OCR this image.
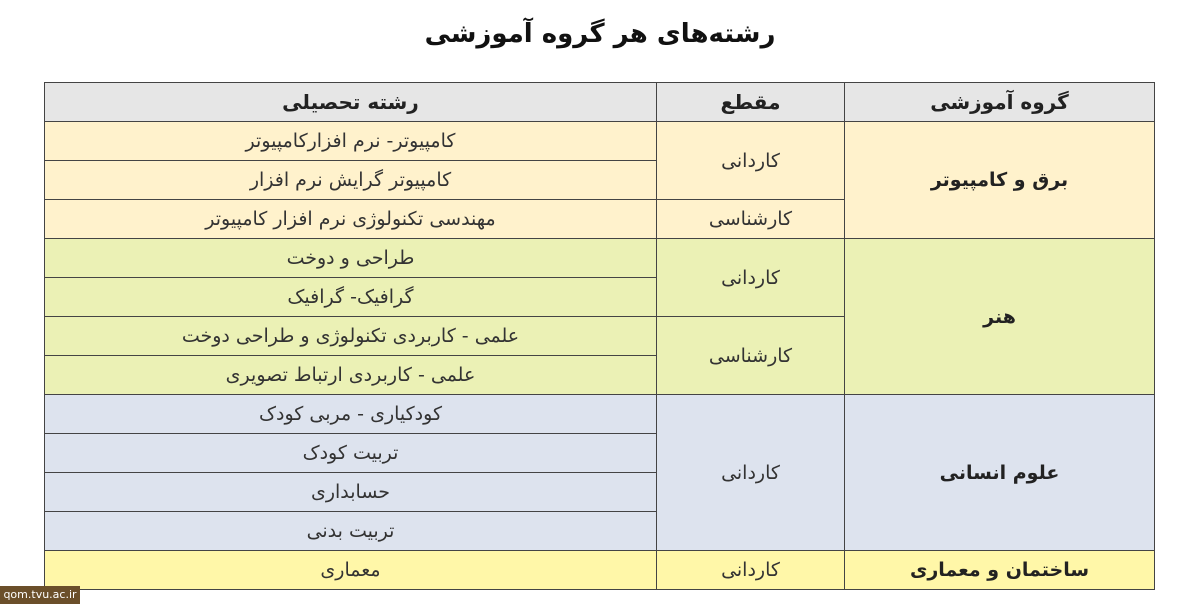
رشته‌های هر گروه آموزشی
گروه آموزشی	مقطع	رشته تحصیلی
برق و کامپیوتر	کاردانی	کامپیوتر- نرم افزارکامپیوتر
		کامپیوتر گرایش نرم افزار
	کارشناسی	مهندسی تکنولوژی نرم افزار کامپیوتر
هنر	کاردانی	طراحی و دوخت
		گرافیک- گرافیک
	کارشناسی	علمی - کاربردی تکنولوژی و طراحی دوخت
		علمی - کاربردی ارتباط تصویری
علوم انسانی	کاردانی	کودکیاری - مربی کودک
		تربیت کودک
		حسابداری
		تربیت بدنی
ساختمان و معماری	کاردانی	معماری
qom.tvu.ac.ir
